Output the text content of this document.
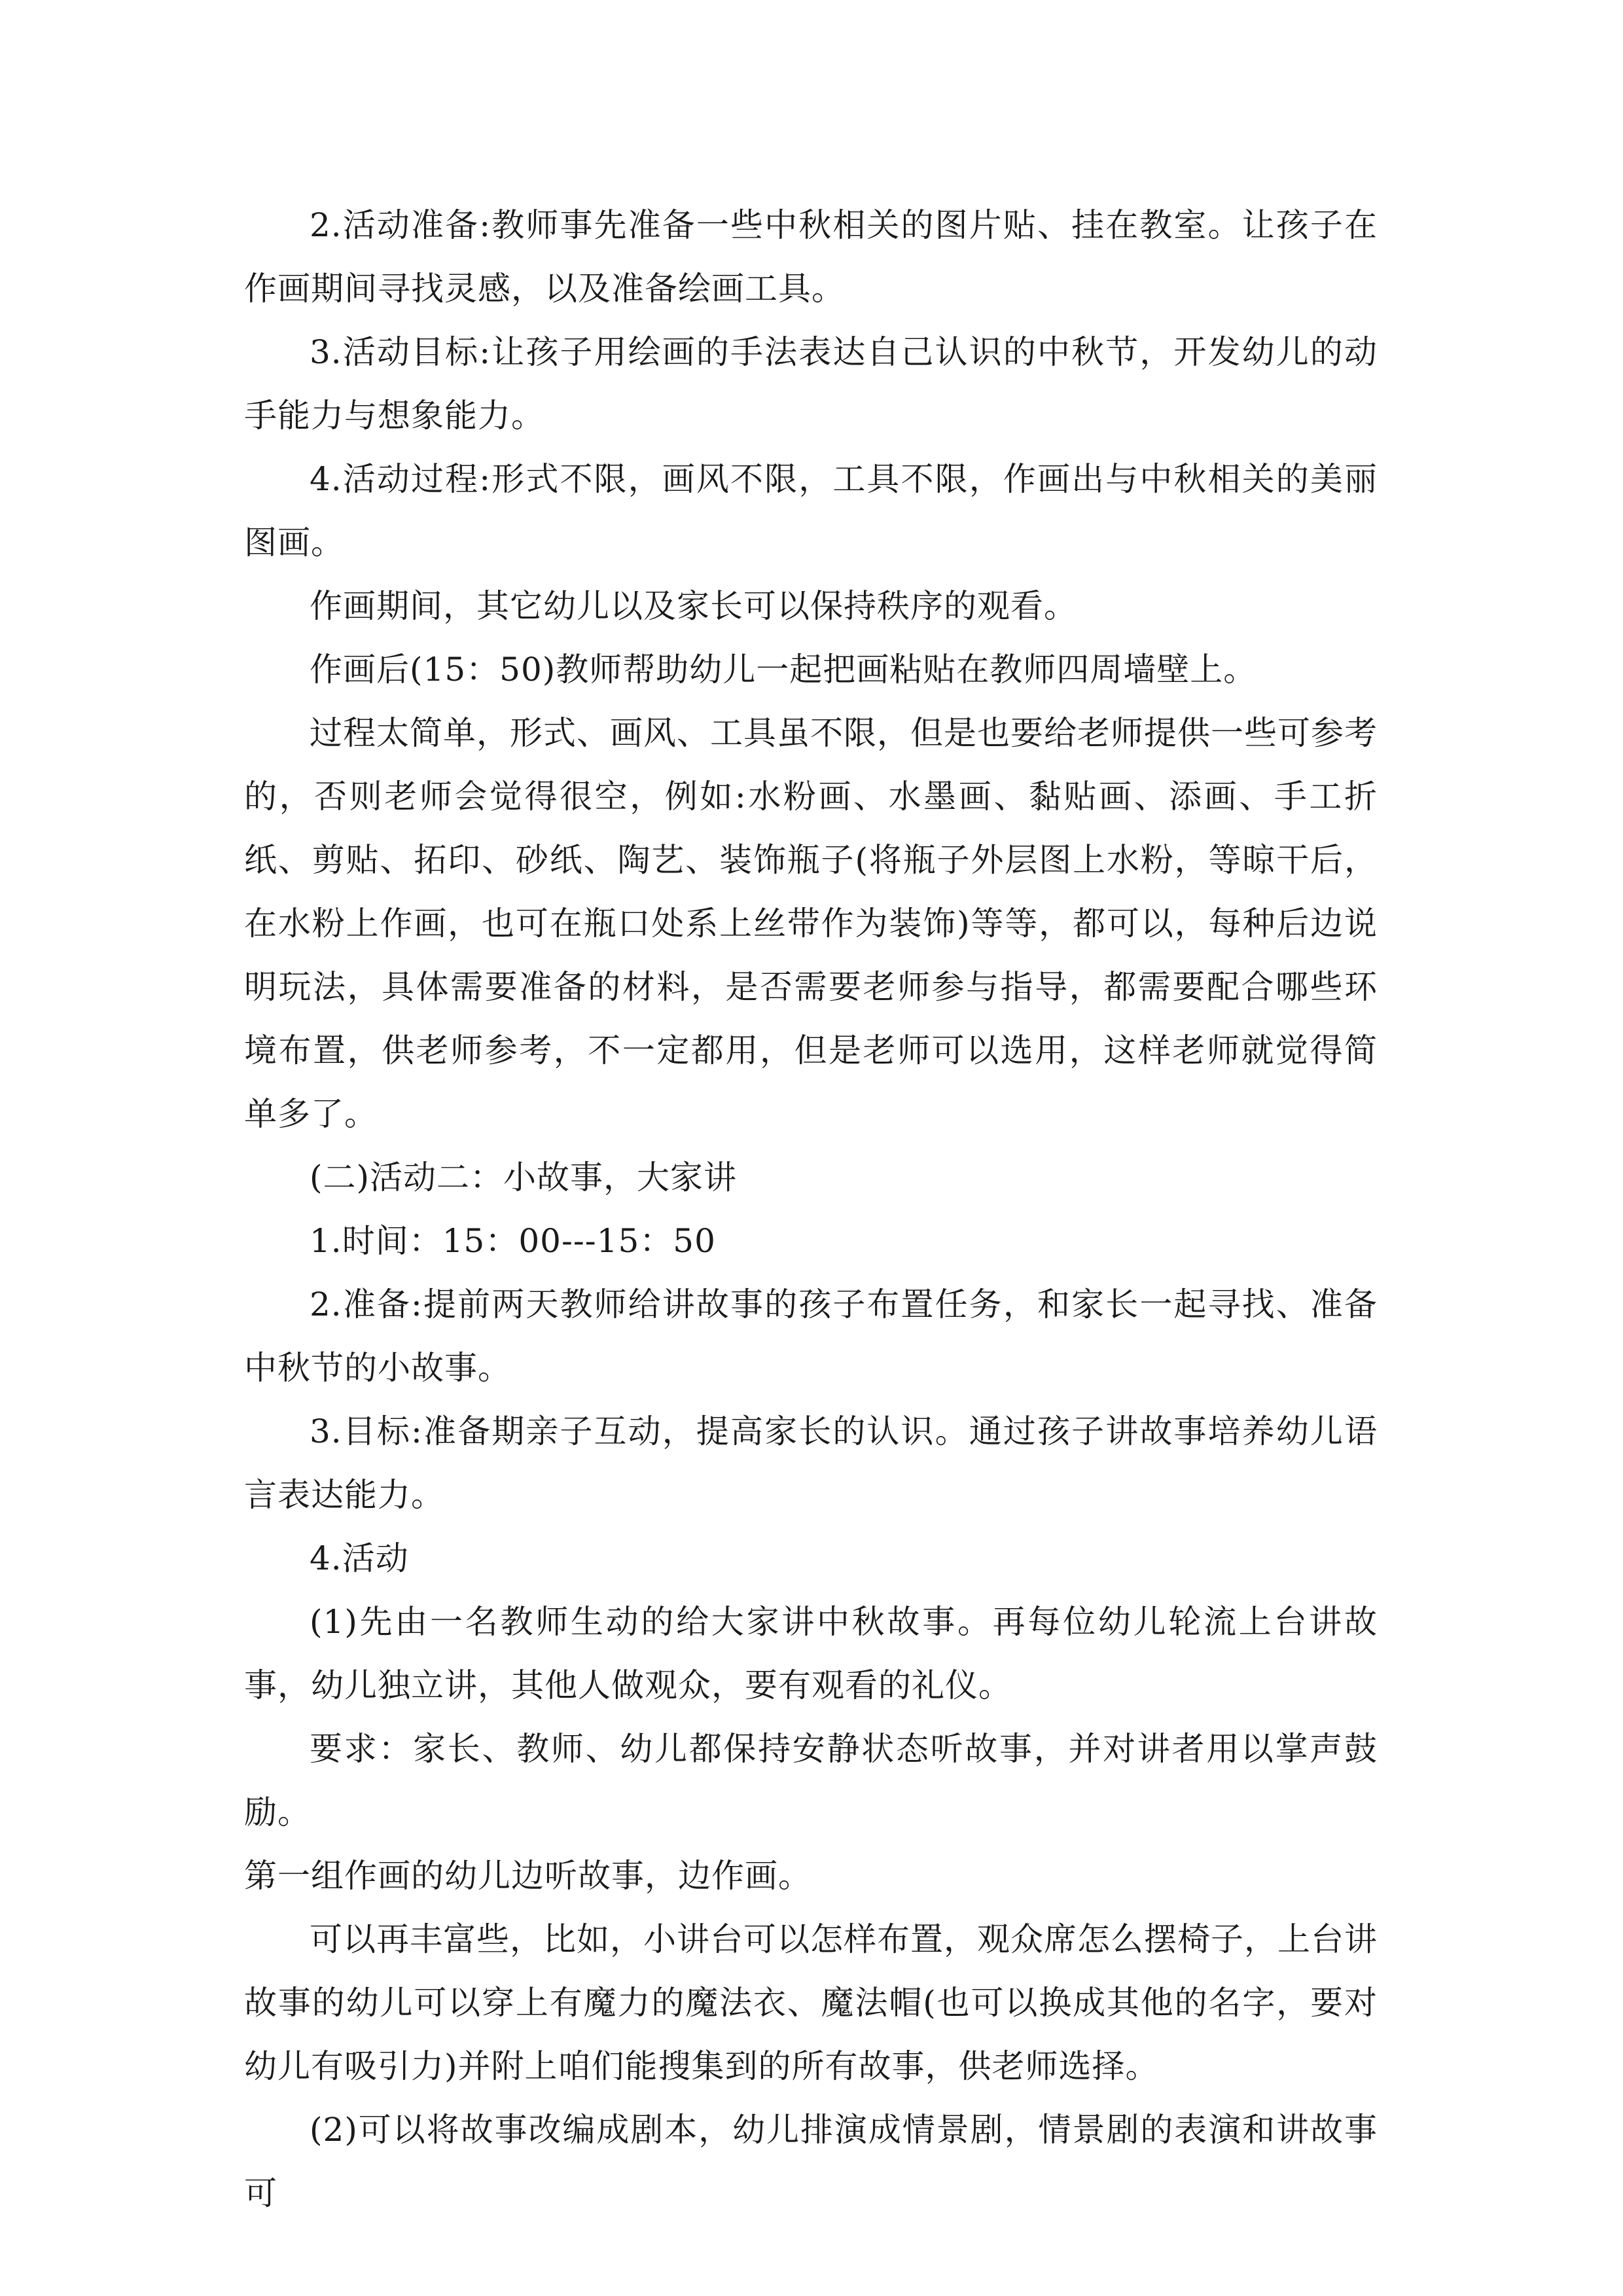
2.活动准备:教师事先准备一些中秋相关的图片贴、挂在教室。让孩子在作画期间寻找灵感，以及准备绘画工具。

3.活动目标:让孩子用绘画的手法表达自己认识的中秋节，开发幼儿的动手能力与想象能力。

4.活动过程:形式不限，画风不限，工具不限，作画出与中秋相关的美丽图画。

作画期间，其它幼儿以及家长可以保持秩序的观看。

作画后(15：50)教师帮助幼儿一起把画粘贴在教师四周墙壁上。

过程太简单，形式、画风、工具虽不限，但是也要给老师提供一些可参考的，否则老师会觉得很空，例如:水粉画、水墨画、黏贴画、添画、手工折纸、剪贴、拓印、砂纸、陶艺、装饰瓶子(将瓶子外层图上水粉，等晾干后，在水粉上作画，也可在瓶口处系上丝带作为装饰)等等，都可以，每种后边说明玩法，具体需要准备的材料，是否需要老师参与指导，都需要配合哪些环境布置，供老师参考，不一定都用，但是老师可以选用，这样老师就觉得简单多了。

(二)活动二：小故事，大家讲

1.时间：15：00---15：50

2.准备:提前两天教师给讲故事的孩子布置任务，和家长一起寻找、准备中秋节的小故事。

3.目标:准备期亲子互动，提高家长的认识。通过孩子讲故事培养幼儿语言表达能力。

4.活动

(1)先由一名教师生动的给大家讲中秋故事。再每位幼儿轮流上台讲故事，幼儿独立讲，其他人做观众，要有观看的礼仪。

要求：家长、教师、幼儿都保持安静状态听故事，并对讲者用以掌声鼓励。

第一组作画的幼儿边听故事，边作画。

可以再丰富些，比如，小讲台可以怎样布置，观众席怎么摆椅子，上台讲故事的幼儿可以穿上有魔力的魔法衣、魔法帽(也可以换成其他的名字，要对幼儿有吸引力)并附上咱们能搜集到的所有故事，供老师选择。

(2)可以将故事改编成剧本，幼儿排演成情景剧，情景剧的表演和讲故事可
